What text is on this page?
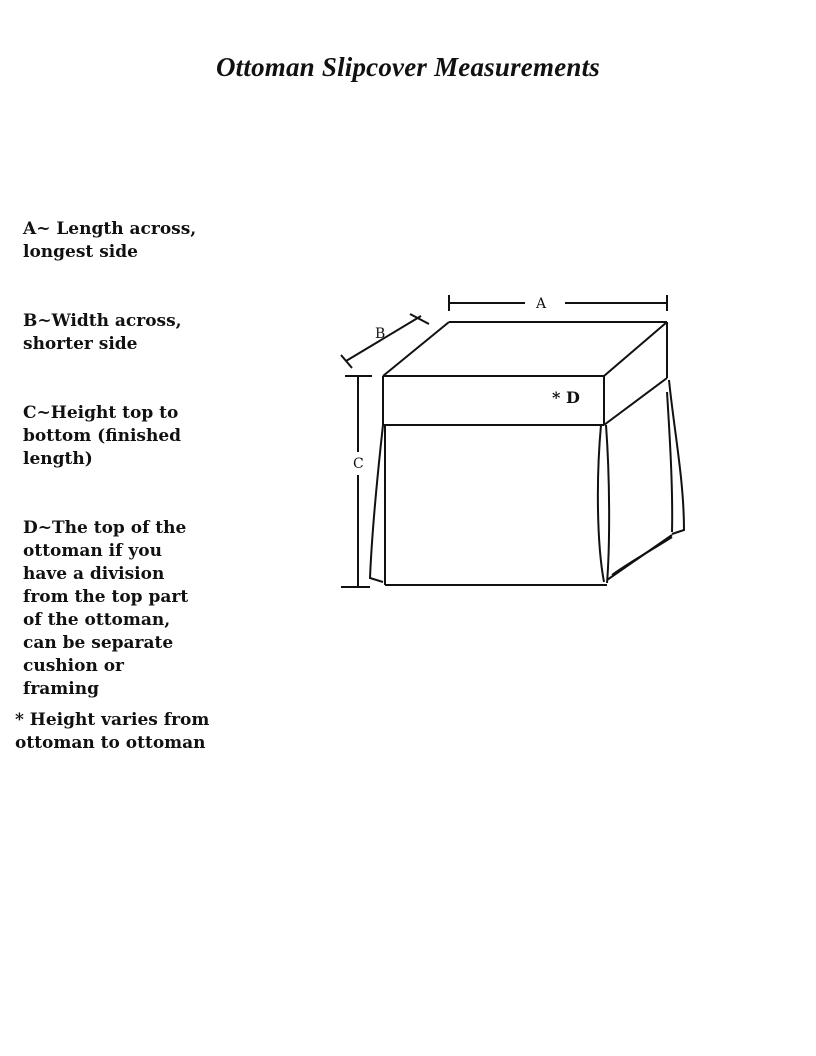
Ottoman Slipcover Measurements
A~ Length across,
longest side
B~Width across,
shorter side
C~Height top to
bottom (finished
length)
D~The top of the
ottoman if you
have a division
from the top part
of the ottoman,
can be separate
cushion or
framing
* Height varies from
ottoman to ottoman
A
B
C
* D
